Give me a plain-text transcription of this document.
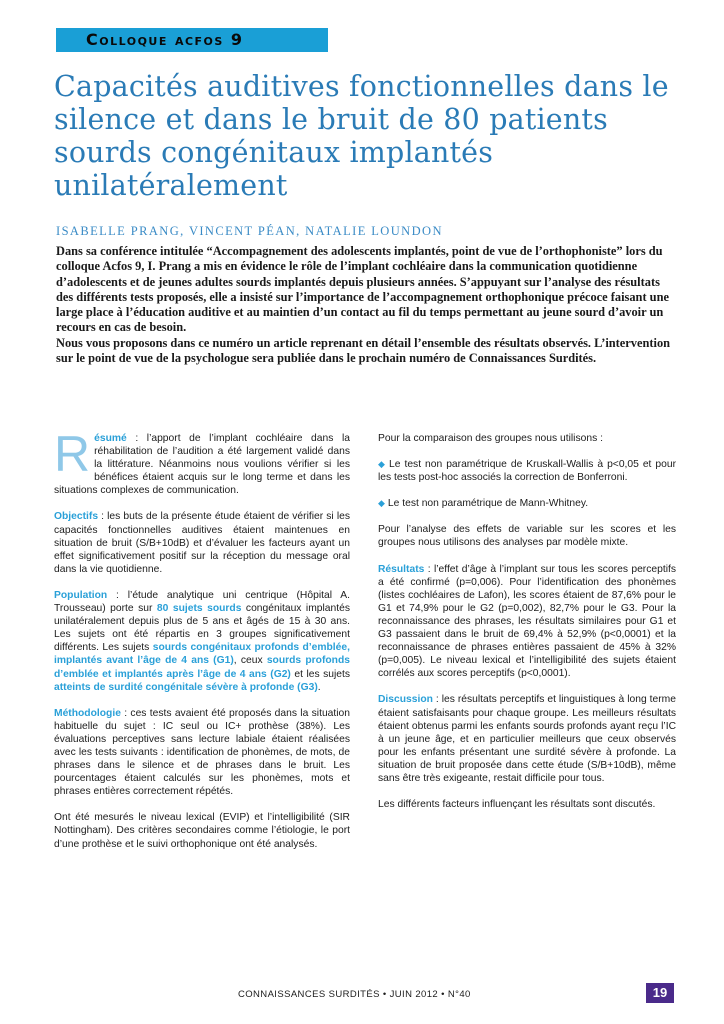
Colloque acfos 9
Capacités auditives fonctionnelles dans le silence et dans le bruit de 80 patients sourds congénitaux implantés unilatéralement
ISABELLE PRANG, VINCENT PÉAN, NATALIE LOUNDON

Dans sa conférence intitulée “Accompagnement des adolescents implantés, point de vue de l’orthophoniste” lors du colloque Acfos 9, I. Prang a mis en évidence le rôle de l’implant cochléaire dans la communication quotidienne d’adolescents et de jeunes adultes sourds implantés depuis plusieurs années. S’appuyant sur l’analyse des résultats des différents tests proposés, elle a insisté sur l’importance de l’accompagnement orthophonique précoce faisant une large place à l’éducation auditive et au maintien d’un contact au fil du temps permettant au jeune sourd d’avoir un recours en cas de besoin.

Nous vous proposons dans ce numéro un article reprenant en détail l’ensemble des résultats observés. L’intervention sur le point de vue de la psychologue sera publiée dans le prochain numéro de Connaissances Surdités.

Résumé : l’apport de l’implant cochléaire dans la réhabilitation de l’audition a été largement validé dans la littérature. Néanmoins nous voulions vérifier si les bénéfices étaient acquis sur le long terme et dans les situations complexes de communication.

Objectifs : les buts de la présente étude étaient de vérifier si les capacités fonctionnelles auditives étaient maintenues en situation de bruit (S/B+10dB) et d’évaluer les facteurs ayant un effet significativement positif sur la réception du message oral dans la vie quotidienne.

Population : l’étude analytique uni centrique (Hôpital A. Trousseau) porte sur 80 sujets sourds congénitaux implantés unilatéralement depuis plus de 5 ans et âgés de 15 à 30 ans. Les sujets ont été répartis en 3 groupes significativement différents. Les sujets sourds congénitaux profonds d’emblée, implantés avant l’âge de 4 ans (G1), ceux sourds profonds d’emblée et implantés après l’âge de 4 ans (G2) et les sujets atteints de surdité congénitale sévère à profonde (G3).

Méthodologie : ces tests avaient été proposés dans la situation habituelle du sujet : IC seul ou IC+ prothèse (38%). Les évaluations perceptives sans lecture labiale étaient réalisées avec les tests suivants : identification de phonèmes, de mots, de phrases dans le silence et de phrases dans le bruit. Les pourcentages étaient calculés sur les phonèmes, mots et phrases entières correctement répétés.

Ont été mesurés le niveau lexical (EVIP) et l’intelligibilité (SIR Nottingham). Des critères secondaires comme l’étiologie, le port d’une prothèse et le suivi orthophonique ont été analysés.

Pour la comparaison des groupes nous utilisons :

◆ Le test non paramétrique de Kruskall-Wallis à p<0,05 et pour les tests post-hoc associés la correction de Bonferroni.

◆ Le test non paramétrique de Mann-Whitney.

Pour l’analyse des effets de variable sur les scores et les groupes nous utilisons des analyses par modèle mixte.

Résultats : l’effet d’âge à l’implant sur tous les scores perceptifs a été confirmé (p=0,006). Pour l’identification des phonèmes (listes cochléaires de Lafon), les scores étaient de 87,6% pour le G1 et 74,9% pour le G2 (p=0,002), 82,7% pour le G3. Pour la reconnaissance des phrases, les résultats similaires pour G1 et G3 passaient dans le bruit de 69,4% à 52,9% (p<0,0001) et la reconnaissance de phrases entières passaient de 45% à 32% (p=0,005). Le niveau lexical et l’intelligibilité des sujets étaient corrélés aux scores perceptifs (p<0,0001).

Discussion : les résultats perceptifs et linguistiques à long terme étaient satisfaisants pour chaque groupe. Les meilleurs résultats étaient obtenus parmi les enfants sourds profonds ayant reçu l’IC à un jeune âge, et en particulier meilleurs que ceux observés pour les enfants présentant une surdité sévère à profonde. La situation de bruit proposée dans cette étude (S/B+10dB), même sans être très exigeante, restait difficile pour tous.

Les différents facteurs influençant les résultats sont discutés.

CONNAISSANCES SURDITÉS • JUIN 2012 • N°40	19
